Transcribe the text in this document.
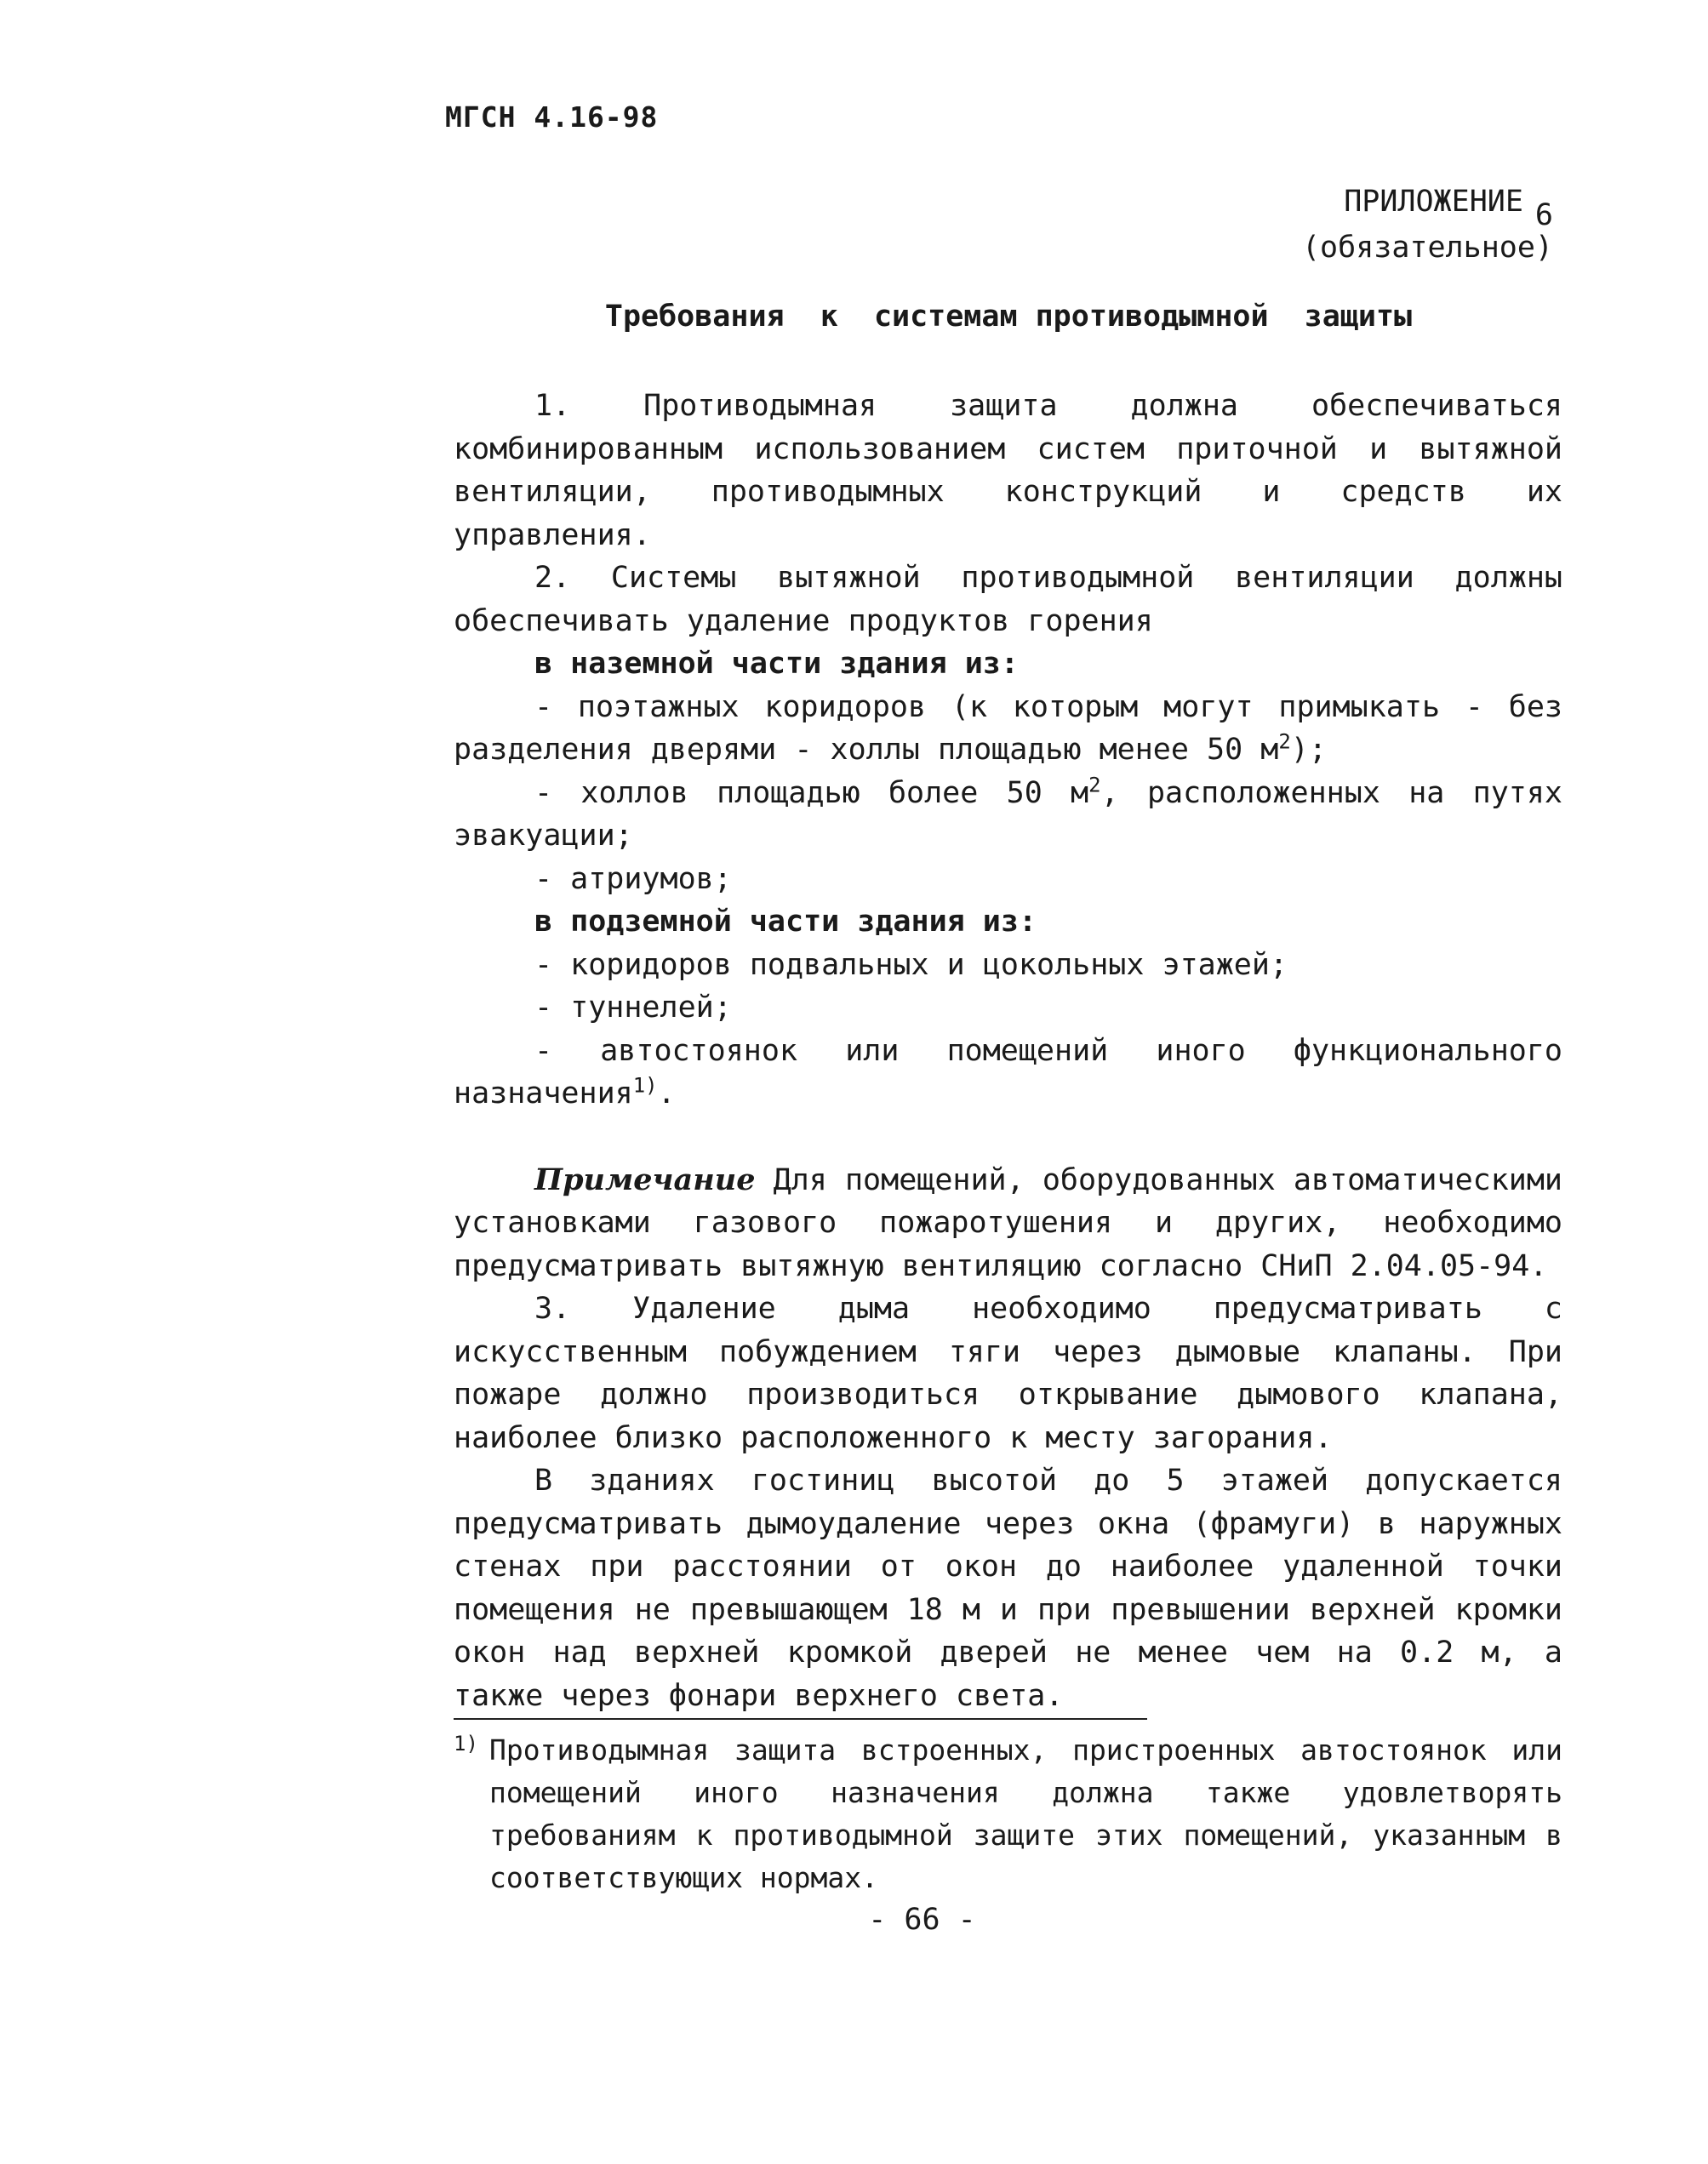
МГСН 4.16-98
ПРИЛОЖЕНИЕ 6
(обязательное)
Требования  к  системам противодымной  защиты

1. Противодымная защита должна обеспечиваться комбинированным использованием систем приточной и вытяжной вентиляции, противодымных конструкций и средств их управления.

2. Системы вытяжной противодымной вентиляции должны обеспечивать удаление продуктов горения

в наземной части здания из:

- поэтажных коридоров (к которым могут примыкать - без разделения дверями - холлы площадью менее 50 $м^2$);

- холлов площадью более 50 $м^2$, расположенных на путях эвакуации;

- атриумов;

в подземной части здания из:

- коридоров подвальных и цокольных этажей;

- туннелей;

- автостоянок или помещений иного функционального назначения$^{1)}$.

Примечание Для помещений, оборудованных автоматическими установками газового пожаротушения и других, необходимо предусматривать вытяжную вентиляцию согласно СНиП 2.04.05-94.

3. Удаление дыма необходимо предусматривать с искусственным побуждением тяги через дымовые клапаны. При пожаре должно производиться открывание дымового клапана, наиболее близко расположенного к месту загорания.

В зданиях гостиниц высотой до 5 этажей допускается предусматривать дымоудаление через окна (фрамуги) в наружных стенах при расстоянии от окон до наиболее удаленной точки помещения не превышающем 18 м и при превышении верхней кромки окон над верхней кромкой дверей не менее чем на 0.2 м, а также через фонари верхнего света.

1) Противодымная защита встроенных, пристроенных автостоянок или помещений иного назначения должна также удовлетворять требованиям к противодымной защите этих помещений, указанным в соответствующих нормах.

- 66 -
